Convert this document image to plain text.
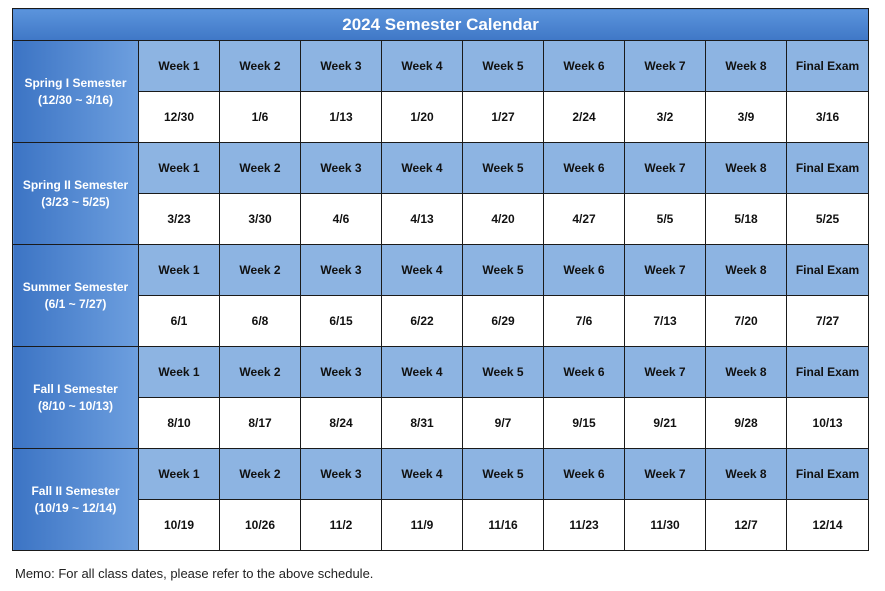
2024 Semester Calendar									

Spring I Semester
(12/30 ~ 3/16)	Week 1	Week 2	Week 3	Week 4	Week 5	Week 6	Week 7	Week 8	Final Exam
	12/30	1/6	1/13	1/20	1/27	2/24	3/2	3/9	3/16

Spring II Semester
(3/23 ~ 5/25)	Week 1	Week 2	Week 3	Week 4	Week 5	Week 6	Week 7	Week 8	Final Exam
	3/23	3/30	4/6	4/13	4/20	4/27	5/5	5/18	5/25

Summer Semester
(6/1 ~ 7/27)	Week 1	Week 2	Week 3	Week 4	Week 5	Week 6	Week 7	Week 8	Final Exam
	6/1	6/8	6/15	6/22	6/29	7/6	7/13	7/20	7/27

Fall I Semester
(8/10 ~ 10/13)	Week 1	Week 2	Week 3	Week 4	Week 5	Week 6	Week 7	Week 8	Final Exam
	8/10	8/17	8/24	8/31	9/7	9/15	9/21	9/28	10/13

Fall II Semester
(10/19 ~ 12/14)	Week 1	Week 2	Week 3	Week 4	Week 5	Week 6	Week 7	Week 8	Final Exam
	10/19	10/26	11/2	11/9	11/16	11/23	11/30	12/7	12/14
Memo: For all class dates, please refer to the above schedule.
